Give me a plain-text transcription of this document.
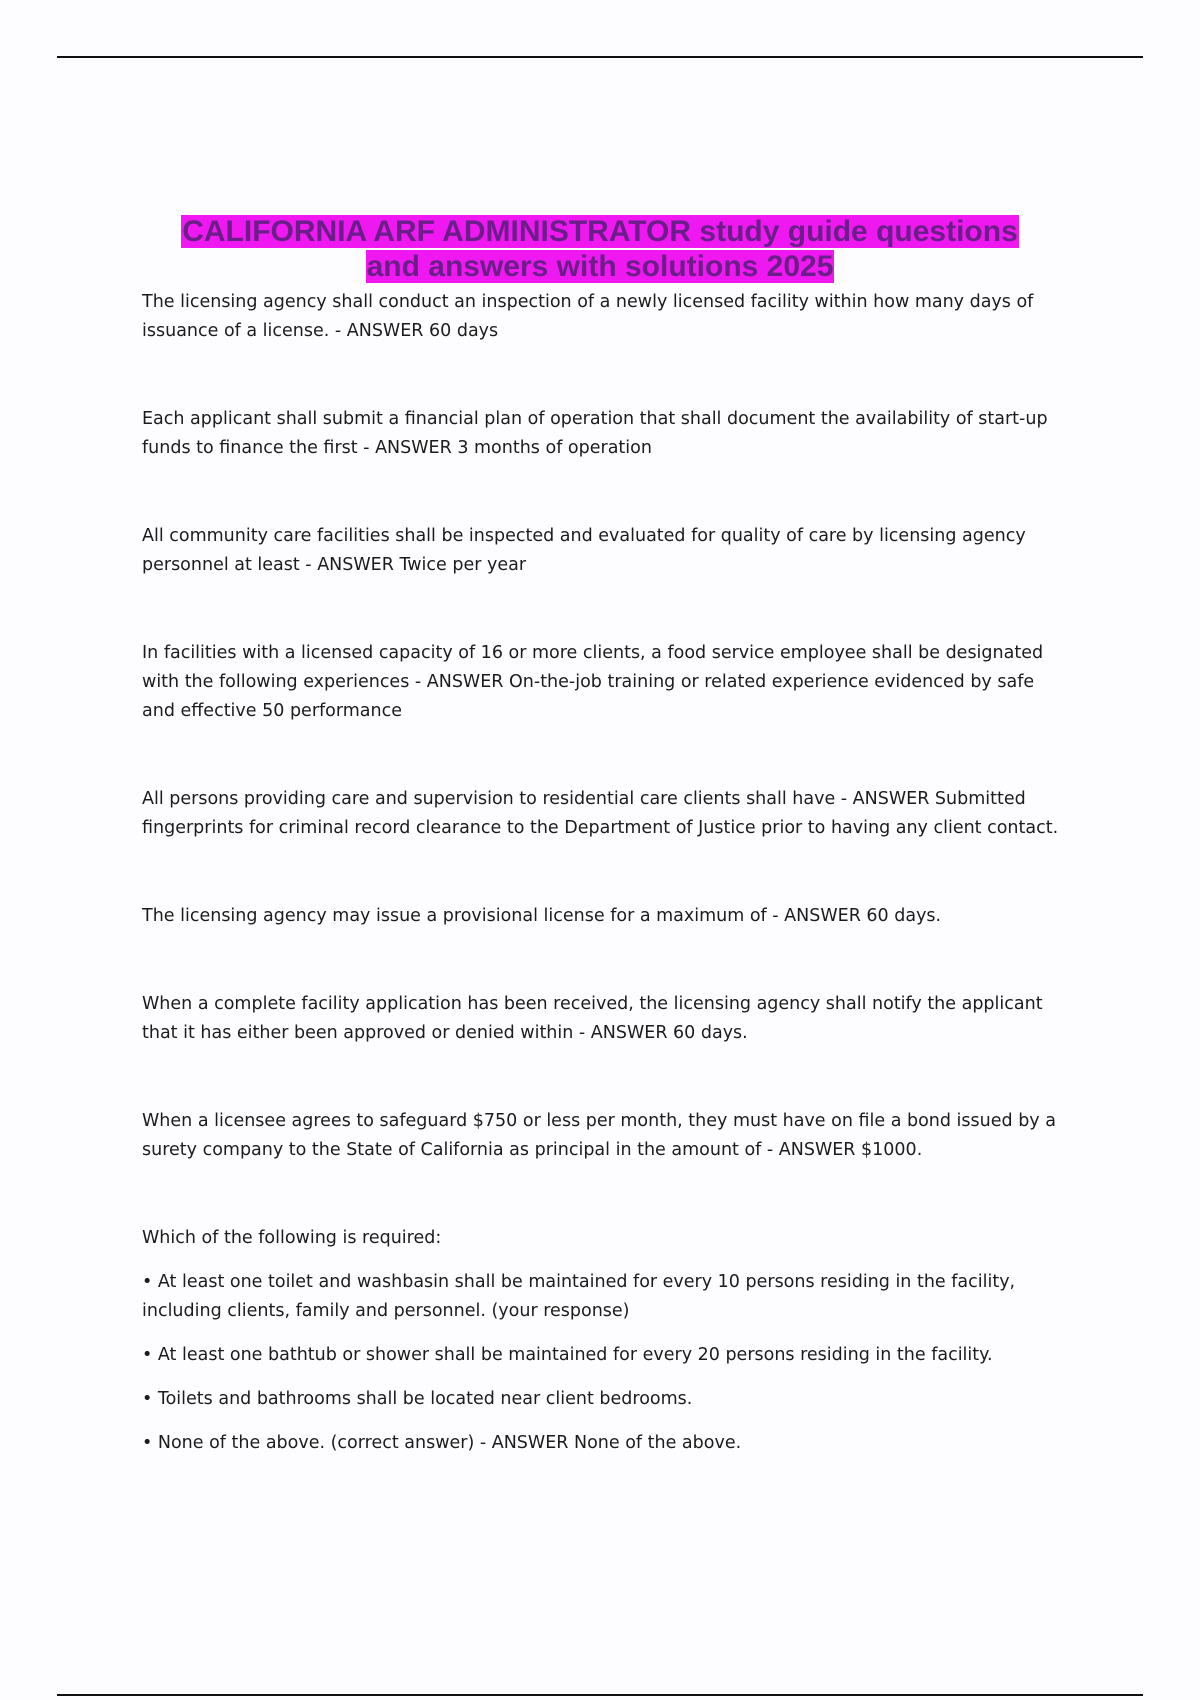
CALIFORNIA ARF ADMINISTRATOR study guide questions
and answers with solutions 2025

The licensing agency shall conduct an inspection of a newly licensed facility within how many days of issuance of a license. - ANSWER 60 days

Each applicant shall submit a financial plan of operation that shall document the availability of start-up funds to finance the first - ANSWER 3 months of operation

All community care facilities shall be inspected and evaluated for quality of care by licensing agency personnel at least - ANSWER Twice per year

In facilities with a licensed capacity of 16 or more clients, a food service employee shall be designated with the following experiences - ANSWER On-the-job training or related experience evidenced by safe and effective 50 performance

All persons providing care and supervision to residential care clients shall have - ANSWER Submitted fingerprints for criminal record clearance to the Department of Justice prior to having any client contact.

The licensing agency may issue a provisional license for a maximum of - ANSWER 60 days.

When a complete facility application has been received, the licensing agency shall notify the applicant that it has either been approved or denied within - ANSWER 60 days.

When a licensee agrees to safeguard $750 or less per month, they must have on file a bond issued by a surety company to the State of California as principal in the amount of - ANSWER $1000.

Which of the following is required:

• At least one toilet and washbasin shall be maintained for every 10 persons residing in the facility, including clients, family and personnel. (your response)

• At least one bathtub or shower shall be maintained for every 20 persons residing in the facility.

• Toilets and bathrooms shall be located near client bedrooms.

• None of the above. (correct answer) - ANSWER None of the above.
